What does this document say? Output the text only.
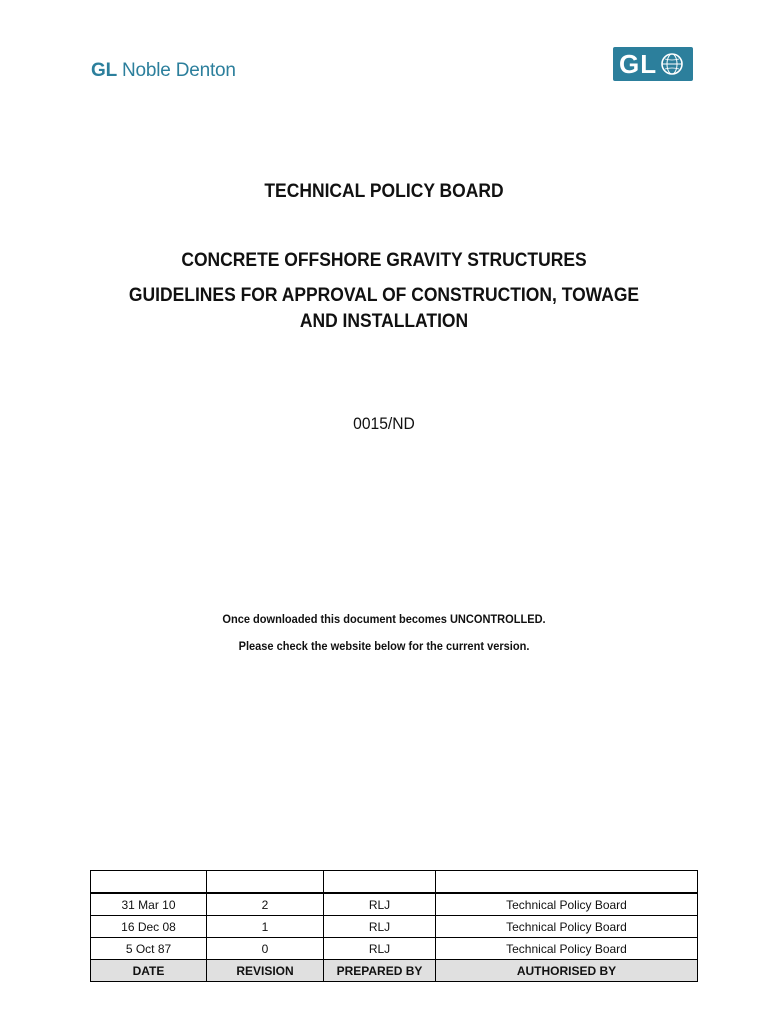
GL Noble Denton	GL
TECHNICAL POLICY BOARD
CONCRETE OFFSHORE GRAVITY STRUCTURES
GUIDELINES FOR APPROVAL OF CONSTRUCTION, TOWAGE
AND INSTALLATION
0015/ND
Once downloaded this document becomes UNCONTROLLED.
Please check the website below for the current version.

31 Mar 10	2	RLJ	Technical Policy Board
16 Dec 08	1	RLJ	Technical Policy Board
5 Oct 87	0	RLJ	Technical Policy Board
DATE	REVISION	PREPARED BY	AUTHORISED BY
